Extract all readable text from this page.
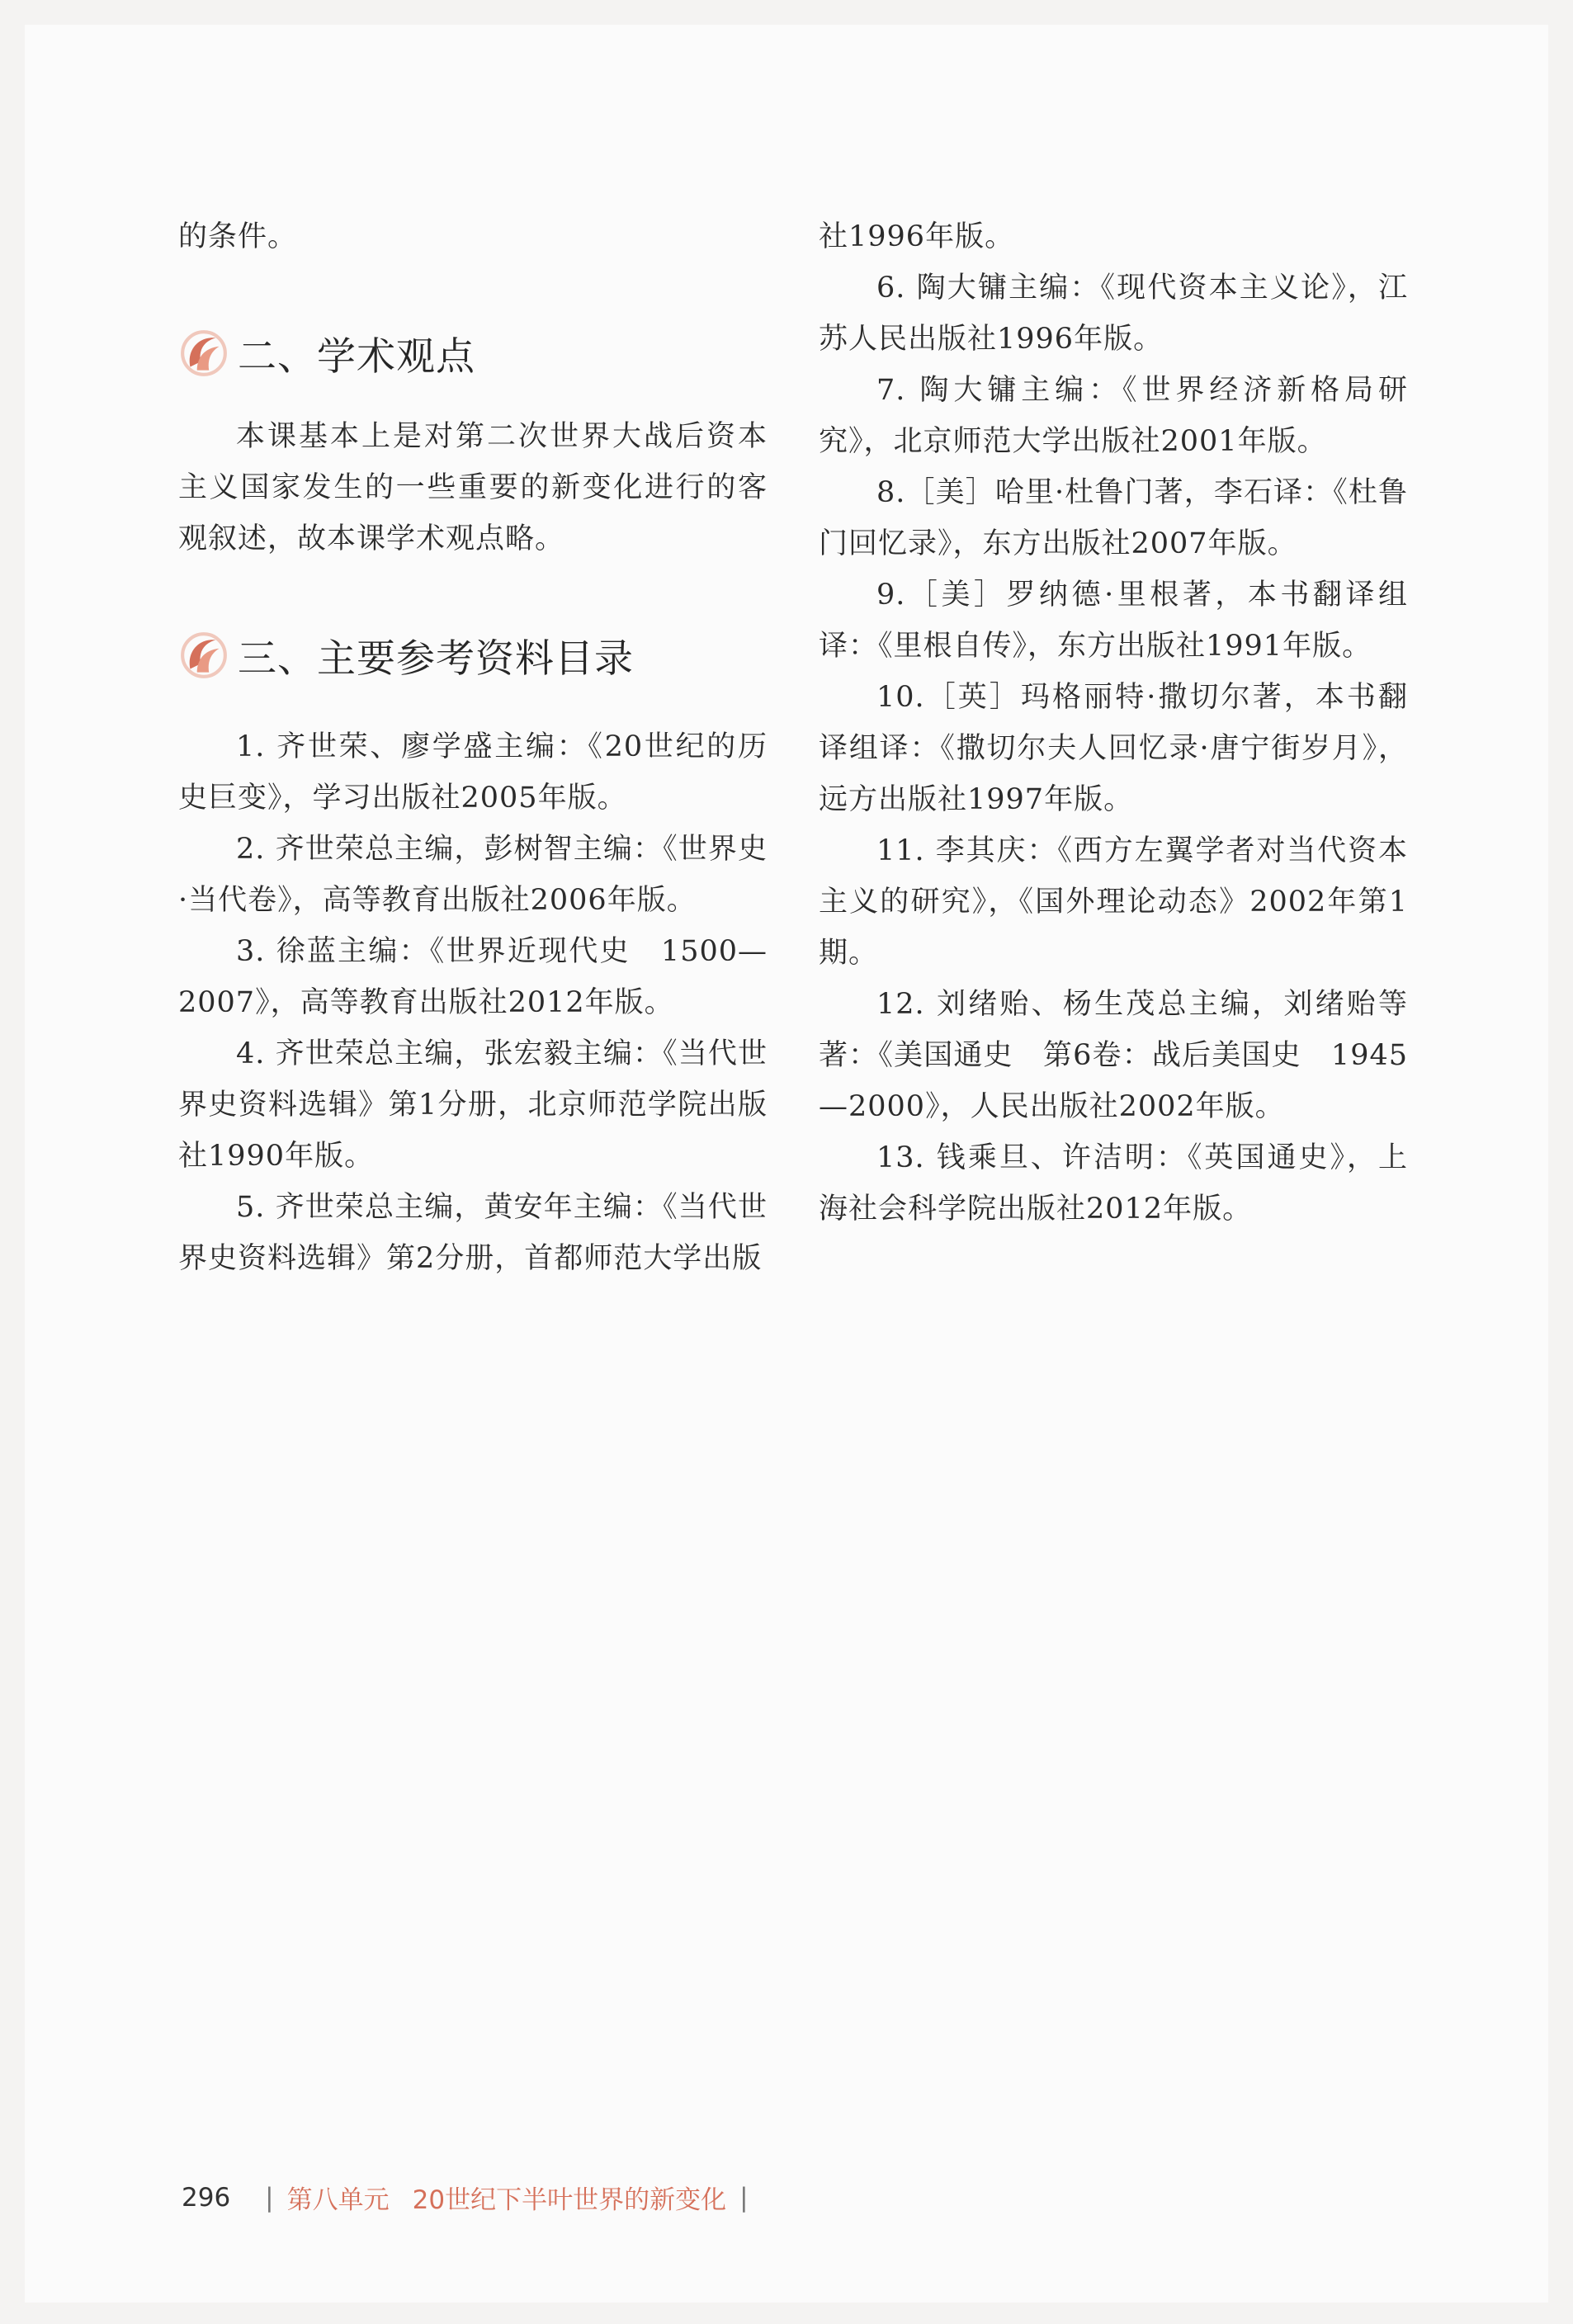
的条件。

二、学术观点

本课基本上是对第二次世界大战后资本主义国家发生的一些重要的新变化进行的客观叙述，故本课学术观点略。

三、主要参考资料目录

1. 齐世荣、廖学盛主编：《20世纪的历史巨变》，学习出版社2005年版。

2. 齐世荣总主编，彭树智主编：《世界史·当代卷》，高等教育出版社2006年版。

3. 徐蓝主编：《世界近现代史　1500—2007》，高等教育出版社2012年版。

4. 齐世荣总主编，张宏毅主编：《当代世界史资料选辑》第1分册，北京师范学院出版社1990年版。

5. 齐世荣总主编，黄安年主编：《当代世界史资料选辑》第2分册，首都师范大学出版

社1996年版。

6. 陶大镛主编：《现代资本主义论》，江苏人民出版社1996年版。

7. 陶大镛主编：《世界经济新格局研究》，北京师范大学出版社2001年版。

8.［美］哈里·杜鲁门著，李石译：《杜鲁门回忆录》，东方出版社2007年版。

9.［美］罗纳德·里根著，本书翻译组译：《里根自传》，东方出版社1991年版。

10.［英］玛格丽特·撒切尔著，本书翻译组译：《撒切尔夫人回忆录·唐宁街岁月》，远方出版社1997年版。

11. 李其庆：《西方左翼学者对当代资本主义的研究》，《国外理论动态》2002年第1期。

12. 刘绪贻、杨生茂总主编，刘绪贻等著：《美国通史　第6卷：战后美国史　1945—2000》，人民出版社2002年版。

13. 钱乘旦、许洁明：《英国通史》，上海社会科学院出版社2012年版。

296 | 第八单元 20世纪下半叶世界的新变化 |
